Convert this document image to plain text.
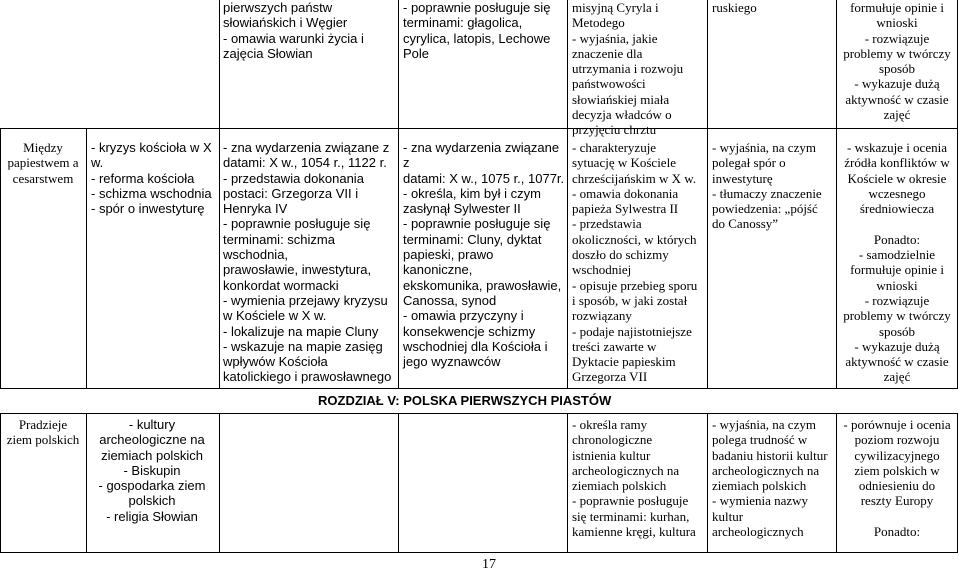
pierwszych państw
słowiańskich i Węgier
- omawia warunki życia i
zajęcia Słowian
- poprawnie posługuje się
terminami: głagolica,
cyrylica, latopis, Lechowe
Pole
misyjną Cyryla i
Metodego
- wyjaśnia, jakie
znaczenie dla
utrzymania i rozwoju
państwowości
słowiańskiej miała
decyzja władców o
przyjęciu chrztu
ruskiego	formułuje opinie i
wnioski
- rozwiązuje
problemy w twórczy
sposób
- wykazuje dużą
aktywność w czasie
zajęć
Między
papiestwem a
cesarstwem
- kryzys kościoła w X
w.
- reforma kościoła
- schizma wschodnia
- spór o inwestyturę
- zna wydarzenia związane z
datami: X w., 1054 r., 1122 r.
- przedstawia dokonania
postaci: Grzegorza VII i
Henryka IV
- poprawnie posługuje się
terminami: schizma wschodnia,
prawosławie, inwestytura,
konkordat wormacki
- wymienia przejawy kryzysu
w Kościele w X w.
- lokalizuje na mapie Cluny
- wskazuje na mapie zasięg
wpływów Kościoła
katolickiego i prawosławnego
- zna wydarzenia związane z
datami: X w., 1075 r., 1077r.
- określa, kim był i czym
zasłynął Sylwester II
- poprawnie posługuje się
terminami: Cluny, dyktat
papieski, prawo kanoniczne,
ekskomunika, prawosławie,
Canossa, synod
- omawia przyczyny i
konsekwencje schizmy
wschodniej dla Kościoła i
jego wyznawców
- charakteryzuje
sytuację w Kościele
chrześcijańskim w X w.
- omawia dokonania
papieża Sylwestra II
- przedstawia
okoliczności, w których
doszło do schizmy
wschodniej
- opisuje przebieg sporu
i sposób, w jaki został
rozwiązany
- podaje najistotniejsze
treści zawarte w
Dyktacie papieskim
Grzegorza VII
- wyjaśnia, na czym
polegał spór o
inwestyturę
- tłumaczy znaczenie
powiedzenia: „pójść
do Canossy”
- wskazuje i ocenia
źródła konfliktów w
Kościele w okresie
wczesnego
średniowiecza

Ponadto:
- samodzielnie
formułuje opinie i
wnioski
- rozwiązuje
problemy w twórczy
sposób
- wykazuje dużą
aktywność w czasie
zajęć
ROZDZIAŁ V: POLSKA PIERWSZYCH PIASTÓW
Pradzieje
ziem polskich
- kultury
archeologiczne na
ziemiach polskich
- Biskupin
- gospodarka ziem
polskich
- religia Słowian
- określa ramy
chronologiczne
istnienia kultur
archeologicznych na
ziemiach polskich
- poprawnie posługuje
się terminami: kurhan,
kamienne kręgi, kultura
- wyjaśnia, na czym
polega trudność w
badaniu historii kultur
archeologicznych na
ziemiach polskich
- wymienia nazwy
kultur
archeologicznych
- porównuje i ocenia
poziom rozwoju
cywilizacyjnego
ziem polskich w
odniesieniu do
reszty Europy

Ponadto:
17
